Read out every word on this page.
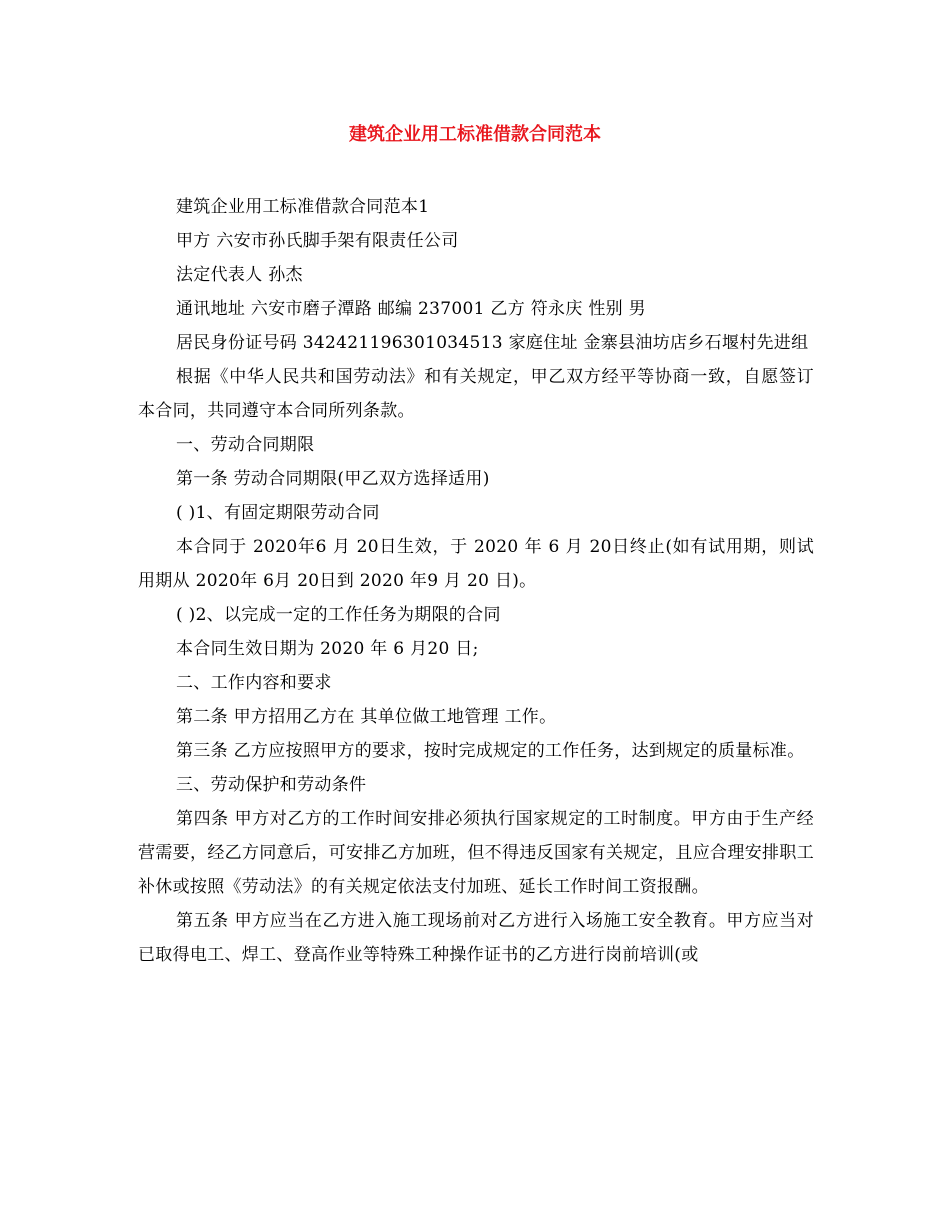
建筑企业用工标准借款合同范本

建筑企业用工标准借款合同范本1

甲方 六安市孙氏脚手架有限责任公司

法定代表人 孙杰

通讯地址 六安市磨子潭路 邮编 237001 乙方 符永庆 性别 男

居民身份证号码 342421196301034513 家庭住址 金寨县油坊店乡石堰村先进组

根据《中华人民共和国劳动法》和有关规定，甲乙双方经平等协商一致，自愿签订本合同，共同遵守本合同所列条款。

一、劳动合同期限

第一条 劳动合同期限(甲乙双方选择适用)

( )1、有固定期限劳动合同

本合同于 2020年6 月 20日生效，于 2020 年 6 月 20日终止(如有试用期，则试用期从 2020年 6月 20日到 2020 年9 月 20 日)。

( )2、以完成一定的工作任务为期限的合同

本合同生效日期为 2020 年 6 月20 日;

二、工作内容和要求

第二条 甲方招用乙方在 其单位做工地管理 工作。

第三条 乙方应按照甲方的要求，按时完成规定的工作任务，达到规定的质量标准。

三、劳动保护和劳动条件

第四条 甲方对乙方的工作时间安排必须执行国家规定的工时制度。甲方由于生产经营需要，经乙方同意后，可安排乙方加班，但不得违反国家有关规定，且应合理安排职工补休或按照《劳动法》的有关规定依法支付加班、延长工作时间工资报酬。

第五条 甲方应当在乙方进入施工现场前对乙方进行入场施工安全教育。甲方应当对已取得电工、焊工、登高作业等特殊工种操作证书的乙方进行岗前培训(或
